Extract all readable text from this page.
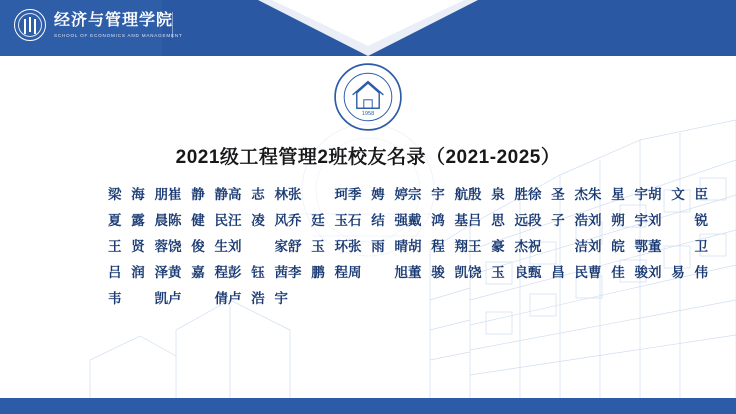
经济与管理学院
SCHOOL OF ECONOMICS AND MANAGEMENT
1958
2021级工程管理2班校友名录（2021-2025）
梁海朋 崔静静 高志林 张　珂 季娉婷 宗宇航 殷泉胜 徐圣杰 朱星宇 胡文臣
夏露晨 陈健民 汪凌风 乔廷玉 石结强 戴鸿基 吕思远 段子浩 刘朔宇 刘　锐
王贤蓉 饶俊生 刘　家 舒玉环 张雨晴 胡程翔 王豪杰 祝　洁 刘皖鄂 董　卫
吕润泽 黄嘉程 彭钰茜 李鹏程 周　旭 董骏凯 饶玉良 甄昌民 曹佳骏 刘易伟
韦　凯 卢　倩 卢浩宇
